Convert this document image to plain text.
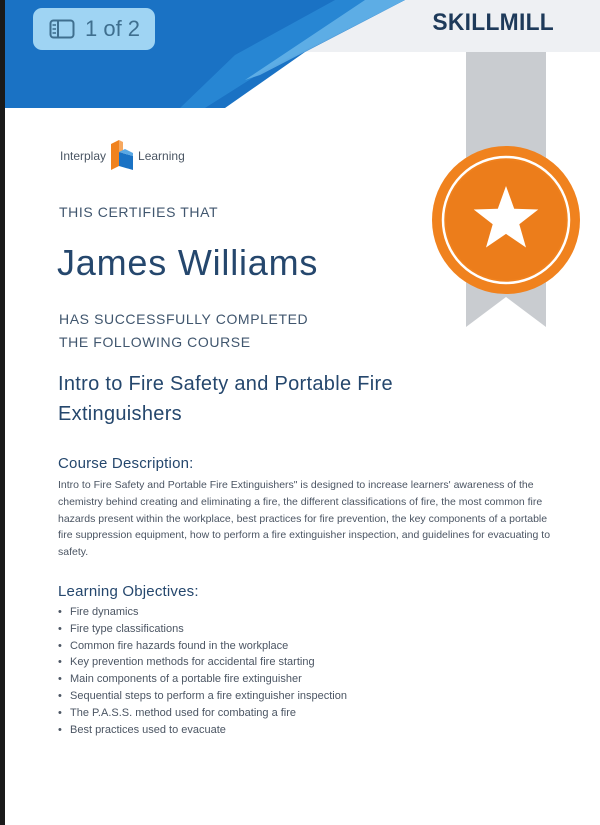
1 of 2	SKILLMILL
Interplay	Learning
THIS CERTIFIES THAT
James Williams
HAS SUCCESSFULLY COMPLETED
THE FOLLOWING COURSE
Intro to Fire Safety and Portable Fire Extinguishers
Course Description:
Intro to Fire Safety and Portable Fire Extinguishers" is designed to increase learners' awareness of the chemistry behind creating and eliminating a fire, the different classifications of fire, the most common fire hazards present within the workplace, best practices for fire prevention, the key components of a portable fire suppression equipment, how to perform a fire extinguisher inspection, and guidelines for evacuating to safety.
Learning Objectives:
• Fire dynamics
• Fire type classifications
• Common fire hazards found in the workplace
• Key prevention methods for accidental fire starting
• Main components of a portable fire extinguisher
• Sequential steps to perform a fire extinguisher inspection
• The P.A.S.S. method used for combating a fire
• Best practices used to evacuate
